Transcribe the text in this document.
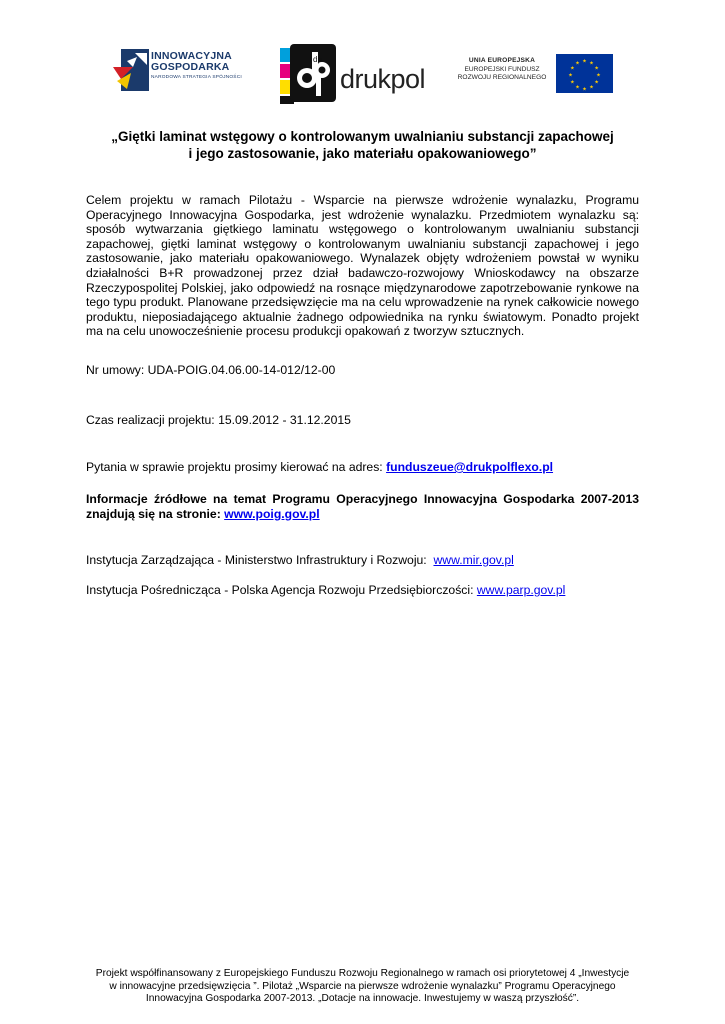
INNOWACYJNA
GOSPODARKA
NARODOWA STRATEGIA SPÓJNOŚCI
dp
drukpol
UNIA EUROPEJSKA
EUROPEJSKI FUNDUSZ
ROZWOJU REGIONALNEGO
★ ★
★
★
★
★
★
★
★
★
★
★
„Giętki laminat wstęgowy o kontrolowanym uwalnianiu substancji zapachowej
i jego zastosowanie, jako materiału opakowaniowego”
Celem projektu w ramach Pilotażu - Wsparcie na pierwsze wdrożenie wynalazku, Programu Operacyjnego Innowacyjna Gospodarka, jest wdrożenie wynalazku. Przedmiotem wynalazku są: sposób wytwarzania giętkiego laminatu wstęgowego o kontrolowanym uwalnianiu substancji zapachowej, giętki laminat wstęgowy o kontrolowanym uwalnianiu substancji zapachowej i jego zastosowanie, jako materiału opakowaniowego. Wynalazek objęty wdrożeniem powstał w wyniku działalności B+R prowadzonej przez dział badawczo-rozwojowy Wnioskodawcy na obszarze Rzeczypospolitej Polskiej, jako odpowiedź na rosnące międzynarodowe zapotrzebowanie rynkowe na tego typu produkt. Planowane przedsięwzięcie ma na celu wprowadzenie na rynek całkowicie nowego produktu, nieposiadającego aktualnie żadnego odpowiednika na rynku światowym. Ponadto projekt ma na celu unowocześnienie procesu produkcji opakowań z tworzyw sztucznych.
Nr umowy: UDA-POIG.04.06.00-14-012/12-00
Czas realizacji projektu: 15.09.2012 - 31.12.2015
Pytania w sprawie projektu prosimy kierować na adres: funduszeue@drukpolflexo.pl
Informacje źródłowe na temat Programu Operacyjnego Innowacyjna Gospodarka 2007-2013 znajdują się na stronie: www.poig.gov.pl
Instytucja Zarządzająca - Ministerstwo Infrastruktury i Rozwoju: www.mir.gov.pl
Instytucja Pośrednicząca - Polska Agencja Rozwoju Przedsiębiorczości: www.parp.gov.pl
Projekt współfinansowany z Europejskiego Funduszu Rozwoju Regionalnego w ramach osi priorytetowej 4 „Inwestycje
w innowacyjne przedsięwzięcia ”. Pilotaż „Wsparcie na pierwsze wdrożenie wynalazku” Programu Operacyjnego
Innowacyjna Gospodarka 2007-2013. „Dotacje na innowacje. Inwestujemy w waszą przyszłość”.
